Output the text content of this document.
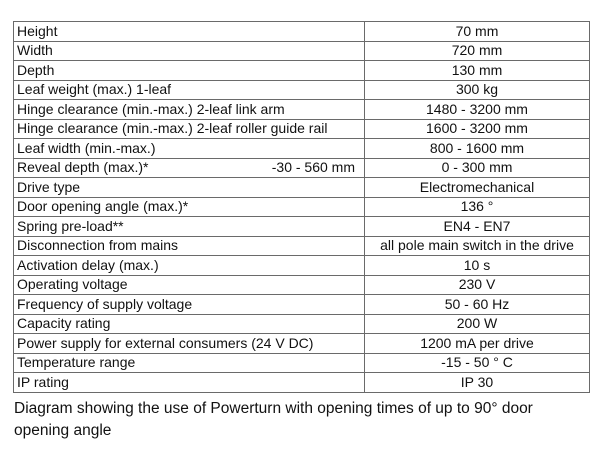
Height	70 mm
Width	720 mm
Depth	130 mm
Leaf weight (max.) 1-leaf	300 kg
Hinge clearance (min.-max.) 2-leaf link arm	1480 - 3200 mm
Hinge clearance (min.-max.) 2-leaf roller guide rail	1600 - 3200 mm
Leaf width (min.-max.)	800 - 1600 mm

Reveal depth (max.)* -30 - 560 mm	0 - 300 mm
Drive type	Electromechanical
Door opening angle (max.)*	136 °
Spring pre-load**	EN4 - EN7
Disconnection from mains	all pole main switch in the drive
Activation delay (max.)	10 s
Operating voltage	230 V
Frequency of supply voltage	50 - 60 Hz
Capacity rating	200 W
Power supply for external consumers (24 V DC)	1200 mA per drive
Temperature range	-15 - 50 ° C
IP rating	IP 30
Diagram showing the use of Powerturn with opening times of up to 90° door opening angle
